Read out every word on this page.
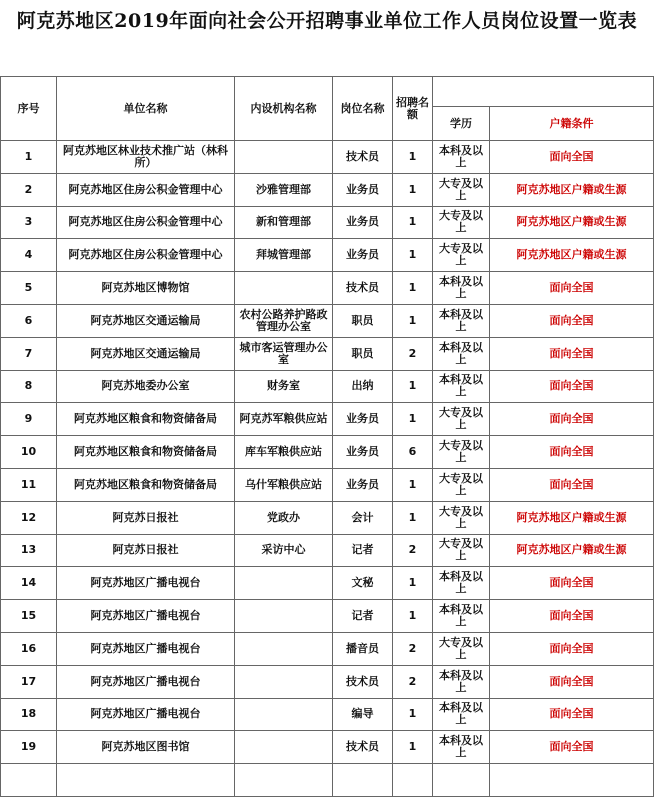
阿克苏地区2019年面向社会公开招聘事业单位工作人员岗位设置一览表
序号	单位名称	内设机构名称	岗位名称	招聘名额		
					学历	户籍条件
1	阿克苏地区林业技术推广站（林科所）		技术员	1	本科及以上	面向全国
2	阿克苏地区住房公积金管理中心	沙雅管理部	业务员	1	大专及以上	阿克苏地区户籍或生源
3	阿克苏地区住房公积金管理中心	新和管理部	业务员	1	大专及以上	阿克苏地区户籍或生源
4	阿克苏地区住房公积金管理中心	拜城管理部	业务员	1	大专及以上	阿克苏地区户籍或生源
5	阿克苏地区博物馆		技术员	1	本科及以上	面向全国
6	阿克苏地区交通运输局	农村公路养护路政管理办公室	职员	1	本科及以上	面向全国
7	阿克苏地区交通运输局	城市客运管理办公室	职员	2	本科及以上	面向全国
8	阿克苏地委办公室	财务室	出纳	1	本科及以上	面向全国
9	阿克苏地区粮食和物资储备局	阿克苏军粮供应站	业务员	1	大专及以上	面向全国
10	阿克苏地区粮食和物资储备局	库车军粮供应站	业务员	6	大专及以上	面向全国
11	阿克苏地区粮食和物资储备局	乌什军粮供应站	业务员	1	大专及以上	面向全国
12	阿克苏日报社	党政办	会计	1	大专及以上	阿克苏地区户籍或生源
13	阿克苏日报社	采访中心	记者	2	大专及以上	阿克苏地区户籍或生源
14	阿克苏地区广播电视台		文秘	1	本科及以上	面向全国
15	阿克苏地区广播电视台		记者	1	本科及以上	面向全国
16	阿克苏地区广播电视台		播音员	2	大专及以上	面向全国
17	阿克苏地区广播电视台		技术员	2	本科及以上	面向全国
18	阿克苏地区广播电视台		编导	1	本科及以上	面向全国
19	阿克苏地区图书馆		技术员	1	本科及以上	面向全国
